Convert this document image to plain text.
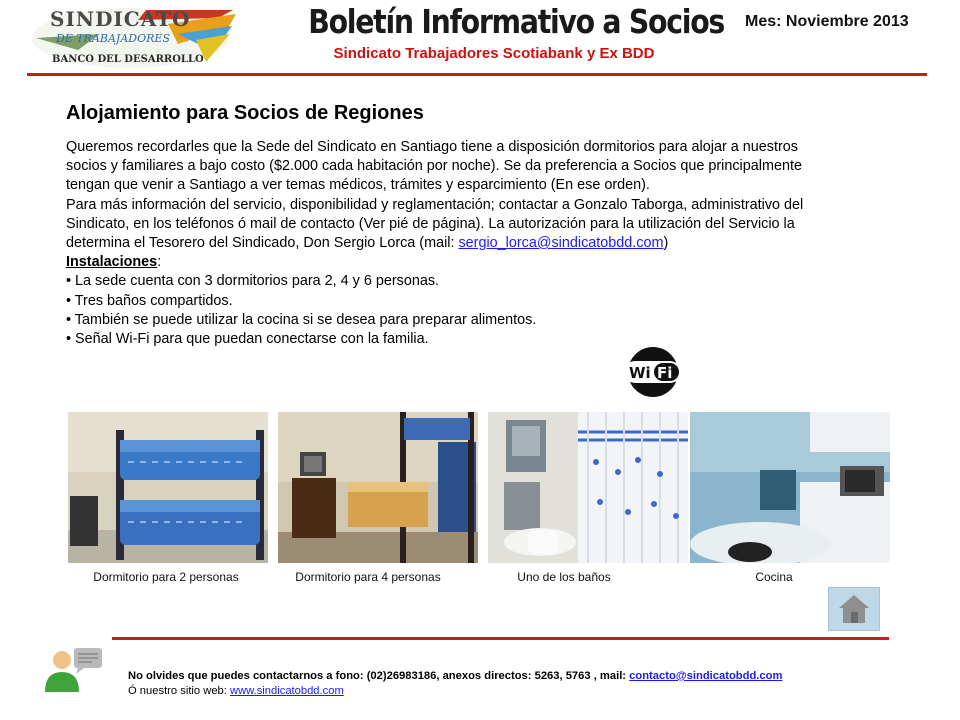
SINDICATO
DE TRABAJADORES
BANCO DEL DESARROLLO
Boletín Informativo a Socios
Sindicato Trabajadores Scotiabank y Ex BDD
Mes: Noviembre 2013
Alojamiento para Socios de Regiones

Queremos recordarles que la Sede del Sindicato en Santiago tiene a disposición dormitorios para alojar a nuestros socios y familiares a bajo costo ($2.000 cada habitación por noche). Se da preferencia a Socios que principalmente tengan que venir a Santiago a ver temas médicos, trámites y esparcimiento (En ese orden).

Para más información del servicio, disponibilidad y reglamentación; contactar a Gonzalo Taborga, administrativo del Sindicato, en los teléfonos ó mail de contacto (Ver pié de página). La autorización para la utilización del Servicio la determina el Tesorero del Sindicado, Don Sergio Lorca (mail: sergio_lorca@sindicatobdd.com)

Instalaciones:

• La sede cuenta con 3 dormitorios para 2, 4 y 6 personas.
• Tres baños compartidos.
• También se puede utilizar la cocina si se desea para preparar alimentos.
• Señal Wi-Fi para que puedan conectarse con la familia.
Wi Fi
Dormitorio para 2 personas	Dormitorio para 4 personas	Uno de los baños	Cocina
No olvides que puedes contactarnos a fono: (02)26983186, anexos directos: 5263, 5763 , mail: contacto@sindicatobdd.com
Ó nuestro sitio web: www.sindicatobdd.com
